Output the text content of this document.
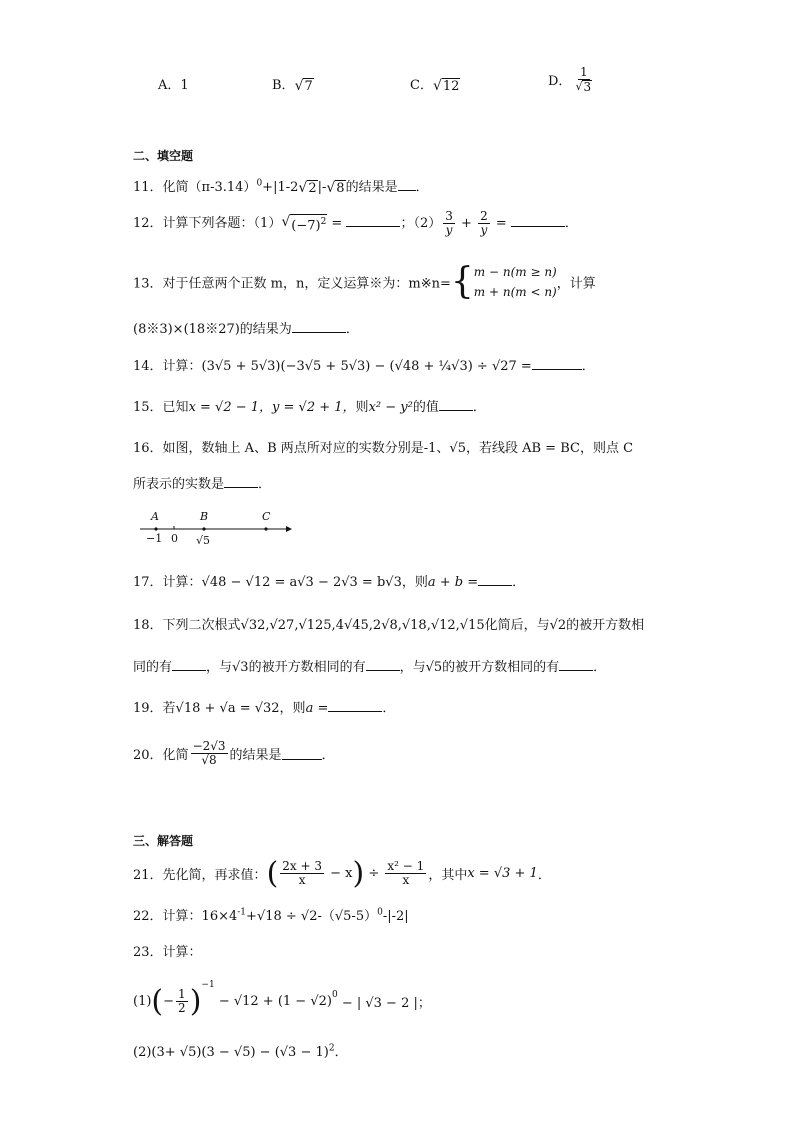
A．1	B． √ 7	C． √ 12	D． $\frac{1}{√ 3}$
二、填空题
11．化简$(\pi-3.14)^0+|1-2$ √ 2 |- √ 8 的结果是 ．
12．计算下列各题：（1） √ $(-7)^2$ =	；$(2) \frac{3}{y} + \frac{2}{y}$ =	．
13．对于任意两个正数 m，n，定义运算※为：m※n={ m − n(m ≥ n)
m + n(m < n)
，计算
(8※3)×(18※27)的结果为	．
14．计算：(3√5 + 5√3)(−3√5 + 5√3) − (√48 + ¼√3) ÷ √27 =	．
15．已知x = √2 − 1，y = √2 + 1，则x² − y²的值	．
16．如图，数轴上 A、B 两点所对应的实数分别是-1、√5，若线段 AB = BC，则点 C
所表示的实数是	．
A	B	C
−1 0 √5
17．计算：√48 − √12 = a√3 − 2√3 = b√3，则a + b =	．
18．下列二次根式√32,√27,√125,4√45,2√8,√18,√12,√15化简后，与√2的被开方数相
同的有	，与√3的被开方数相同的有	，与√5的被开方数相同的有	．
19．若√18 + √a = √32，则a =	．
20．化简 $\frac{-2√3}{√8}$ 的结果是	．
三、解答题
21．先化简，再求值：( $\frac{2x + 3}{x} - x) \div \frac{\text{x² − 1}}{x}$ ，其中x = √3 + 1．
22．计算：$16\times 4^{-1}+√18 \div √2-(√5-5)^0-|-2|$
23．计算：
$(1)(- \frac{1}{2} )^{-1} - √12 + (1 - √2)^0$ − | √3 − 2 |；
$(2)(3+ √5)(3 - √5) - (√3 - 1)^2$．
